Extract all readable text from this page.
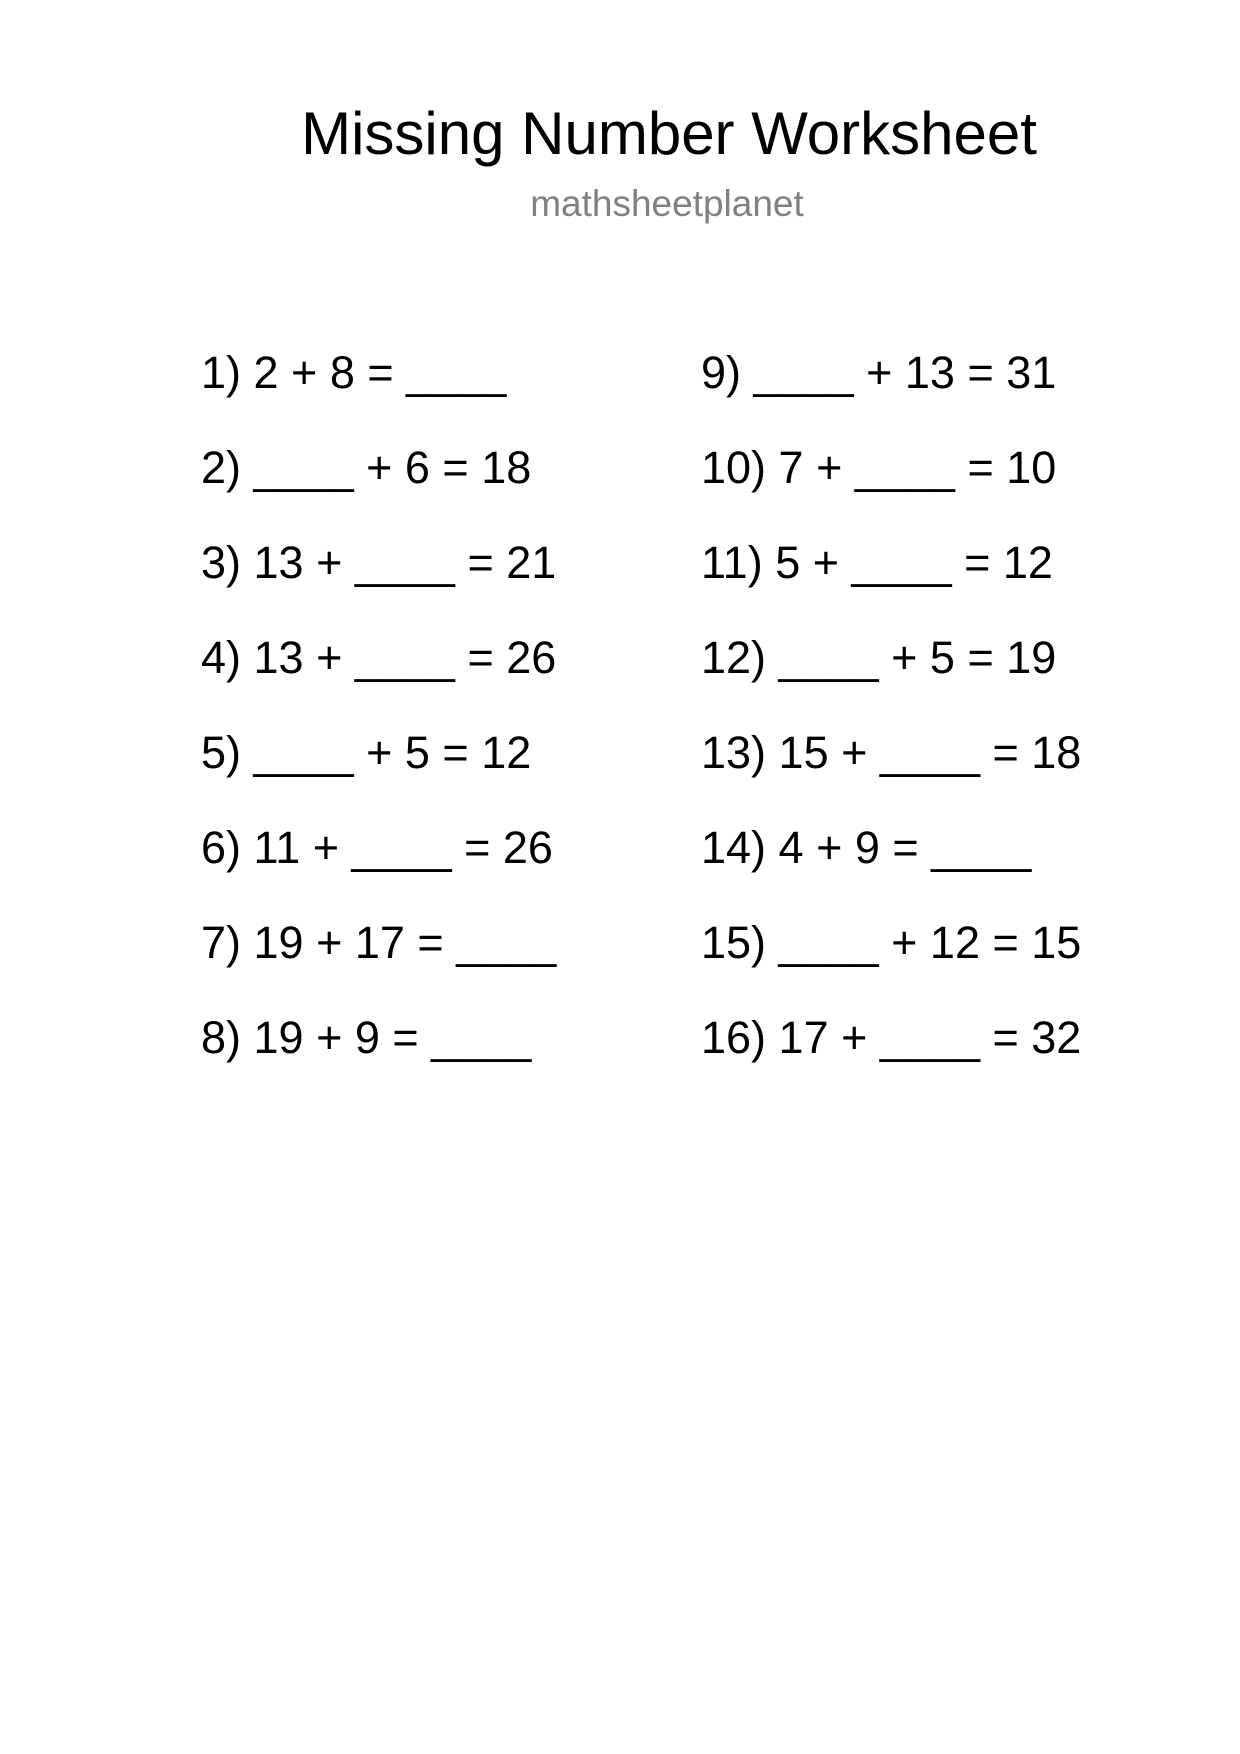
Missing Number Worksheet
mathsheetplanet
1) 2 + 8 = ____
2) ____ + 6 = 18
3) 13 + ____ = 21
4) 13 + ____ = 26
5) ____ + 5 = 12
6) 11 + ____ = 26
7) 19 + 17 = ____
8) 19 + 9 = ____
9) ____ + 13 = 31
10) 7 + ____ = 10
11) 5 + ____ = 12
12) ____ + 5 = 19
13) 15 + ____ = 18
14) 4 + 9 = ____
15) ____ + 12 = 15
16) 17 + ____ = 32
